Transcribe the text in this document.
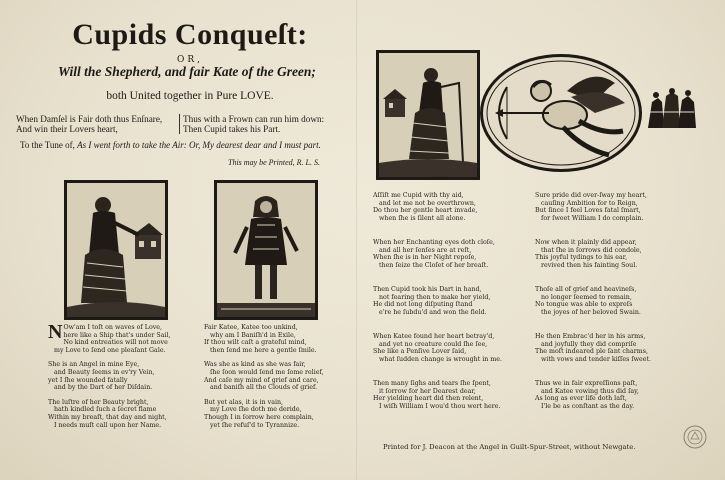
Cupids Conqueſt:
OR,
Will the Shepherd, and fair Kate of the Green;
both United together in Pure LOVE.
When Damſel is Fair doth thus Enſnare,
And win their Lovers heart,
Thus with a Frown can run him down:
Then Cupid takes his Part.
To the Tune of, As I went forth to take the Air: Or, My dearest dear and I must part.
This may be Printed, R. L. S.
N Ow'am I toſt on waves of Love,
here like a Ship that's under Sail,
No kind entreaties will not move
my Love to ſend one pleaſant Gale.
She is an Angel in mine Eye,
and Beauty ſeems in ev'ry Vein,
yet I ſhe wounded fatally
and by the Dart of her Diſdain.
The luſtre of her Beauty bright,
hath kindled ſuch a ſecret flame
Within my breaſt, that day and night,
I needs muſt call upon her Name.
Fair Katee, Katee too unkind,
why am I Baniſh'd in Exile,
If thou wilt caſt a grateful mind,
then ſend me here a gentle ſmile.
Was she as kind as she was fair,
ſhe ſoon would ſend me ſome relief,
And caſe my mind of grief and care,
and baniſh all the Clouds of grief.
But yet alas, it is in vain,
my Love ſhe doth me deride,
Though I in ſorrow here complain,
yet ſhe refuſ'd to Tyrannize.
Aſſiſt me Cupid with thy aid,
and let me not be overthrown,
Do thou her gentle heart invade,
when ſhe is ſilent all alone.
When her Enchanting eyes doth cloſe,
and all her ſenſes are at reſt,
When ſhe is in her Night repoſe,
then ſeize the Cloſet of her breaſt.
Then Cupid took his Dart in hand,
not fearing then to make her yield,
He did not long diſputing ſtand
e're he ſubdu'd and won the field.
When Katee found her heart betray'd,
and yet no creature could ſhe ſee,
She like a Penſive Lover ſaid,
what ſudden change is wrought in me.
Then many ſighs and tears ſhe ſpent,
it ſorrow for her Dearest dear,
Her yielding heart did then relent,
I wiſh William I wou'd thou wert here.
Sure pride did over-ſway my heart,
cauſing Ambition for to Reign,
But ſince I feel Loves fatal ſmart,
for ſweet William I do complain.
Now when it plainly did appear,
that ſhe in ſorrows did condole,
This joyful tydings to his ear,
revived then his fainting Soul.
Thoſe all of grief and heavineſs,
no longer ſeemed to remain,
No tongue was able to expreſs
the joyes of her beloved Swain.
He then Embrac'd her in his arms,
and joyfully they did compriſe
The moſt indeared ple ſant charms,
with vows and tender kiſſes ſweet.
Thus we in fair expreſſions paſt,
and Katee vowing thus did ſay,
As long as ever life doth laſt,
I'le be as conſtant as the day.
Printed for J. Deacon at the Angel in Guilt-Spur-Street, without Newgate.
